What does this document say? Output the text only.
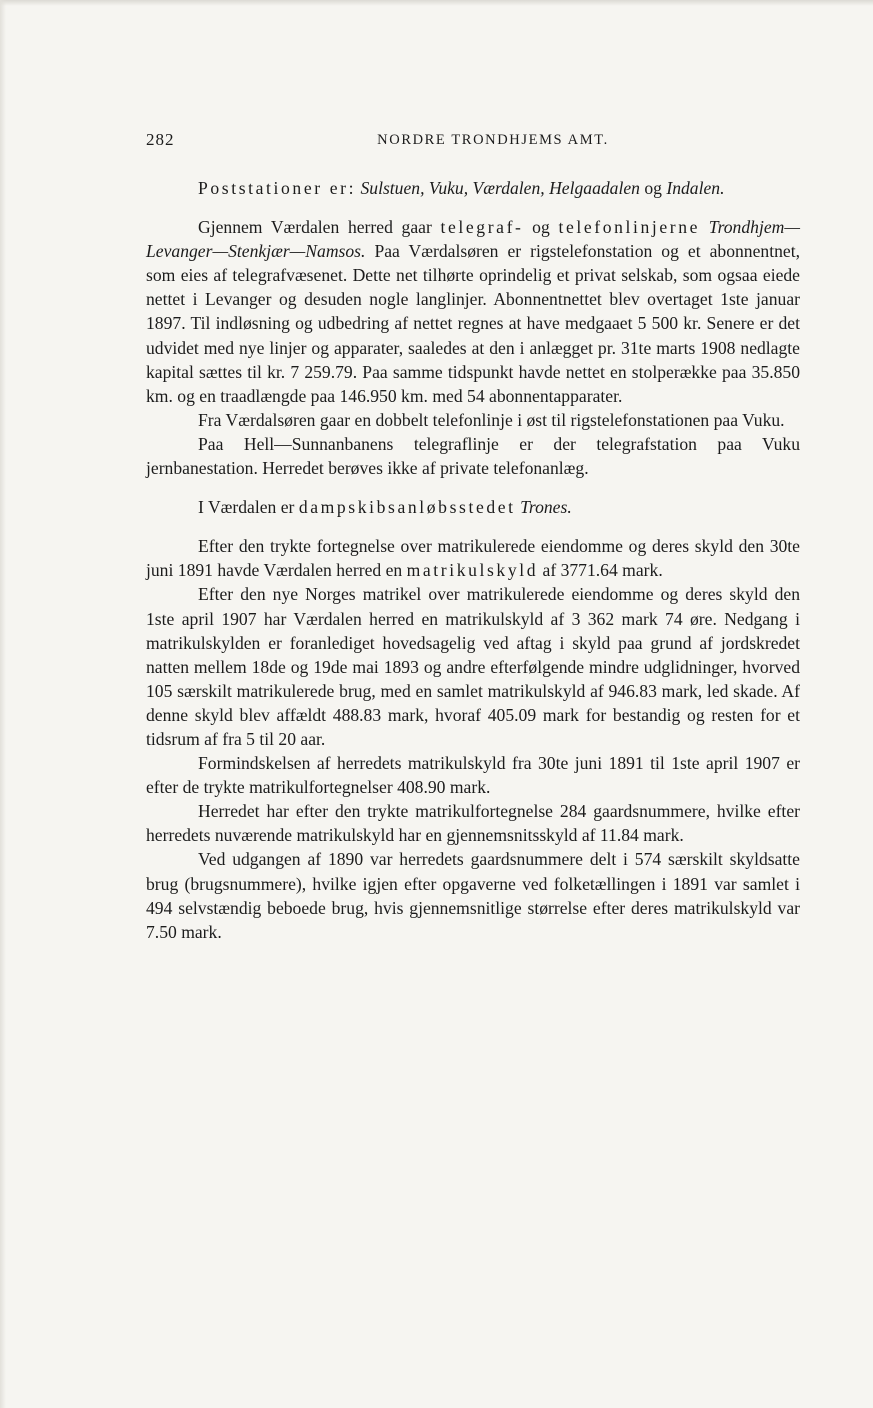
282	NORDRE TRONDHJEMS AMT.

Poststationer er: Sulstuen, Vuku, Værdalen, Helgaadalen og Indalen.

Gjennem Værdalen herred gaar telegraf- og telefonlinjerne Trondhjem—Levanger—Stenkjær—Namsos. Paa Værdalsøren er rigstelefonstation og et abonnentnet, som eies af telegrafvæsenet. Dette net tilhørte oprindelig et privat selskab, som ogsaa eiede nettet i Levanger og desuden nogle langlinjer. Abonnentnettet blev overtaget 1ste januar 1897. Til indløsning og udbedring af nettet regnes at have medgaaet 5 500 kr. Senere er det udvidet med nye linjer og apparater, saaledes at den i anlægget pr. 31te marts 1908 nedlagte kapital sættes til kr. 7 259.79. Paa samme tidspunkt havde nettet en stolperække paa 35.850 km. og en traadlængde paa 146.950 km. med 54 abonnentapparater.

Fra Værdalsøren gaar en dobbelt telefonlinje i øst til rigstelefonstationen paa Vuku.

Paa Hell—Sunnanbanens telegraflinje er der telegrafstation paa Vuku jernbanestation. Herredet berøves ikke af private telefonanlæg.

I Værdalen er dampskibsanløbsstedet Trones.

Efter den trykte fortegnelse over matrikulerede eiendomme og deres skyld den 30te juni 1891 havde Værdalen herred en matrikulskyld af 3771.64 mark.

Efter den nye Norges matrikel over matrikulerede eiendomme og deres skyld den 1ste april 1907 har Værdalen herred en matrikulskyld af 3 362 mark 74 øre. Nedgang i matrikulskylden er foranlediget hovedsagelig ved aftag i skyld paa grund af jordskredet natten mellem 18de og 19de mai 1893 og andre efterfølgende mindre udglidninger, hvorved 105 særskilt matrikulerede brug, med en samlet matrikulskyld af 946.83 mark, led skade. Af denne skyld blev affældt 488.83 mark, hvoraf 405.09 mark for bestandig og resten for et tidsrum af fra 5 til 20 aar.

Formindskelsen af herredets matrikulskyld fra 30te juni 1891 til 1ste april 1907 er efter de trykte matrikulfortegnelser 408.90 mark.

Herredet har efter den trykte matrikulfortegnelse 284 gaardsnummere, hvilke efter herredets nuværende matrikulskyld har en gjennemsnitsskyld af 11.84 mark.

Ved udgangen af 1890 var herredets gaardsnummere delt i 574 særskilt skyldsatte brug (brugsnummere), hvilke igjen efter opgaverne ved folketællingen i 1891 var samlet i 494 selvstændig beboede brug, hvis gjennemsnitlige størrelse efter deres matrikulskyld var 7.50 mark.
